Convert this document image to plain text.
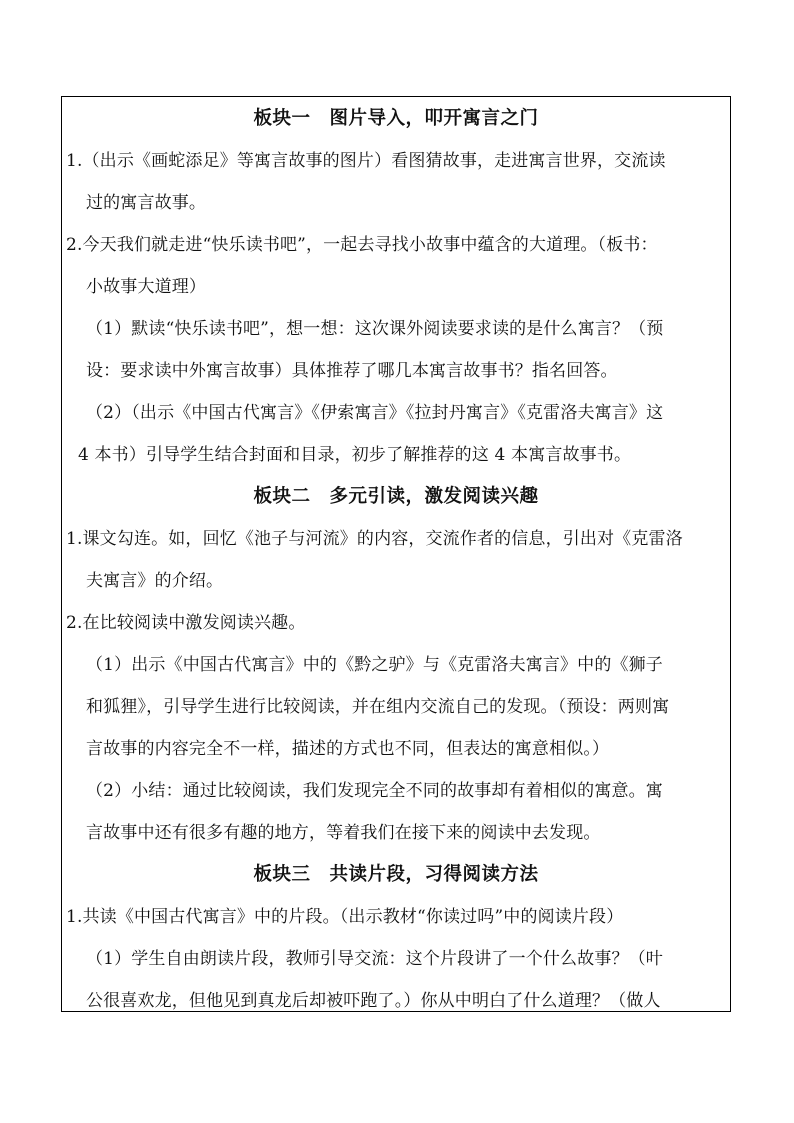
板块一　图片导入，叩开寓言之门
1.（出示《画蛇添足》等寓言故事的图片）看图猜故事，走进寓言世界，交流读
过的寓言故事。
2.今天我们就走进“快乐读书吧”，一起去寻找小故事中蕴含的大道理。（板书：
小故事大道理）
（1）默读“快乐读书吧”，想一想：这次课外阅读要求读的是什么寓言？（预
设：要求读中外寓言故事）具体推荐了哪几本寓言故事书？指名回答。
（2）（出示《中国古代寓言》《伊索寓言》《拉封丹寓言》《克雷洛夫寓言》这
4 本书）引导学生结合封面和目录，初步了解推荐的这 4 本寓言故事书。
板块二　多元引读，激发阅读兴趣
1.课文勾连。如，回忆《池子与河流》的内容，交流作者的信息，引出对《克雷洛
夫寓言》的介绍。
2.在比较阅读中激发阅读兴趣。
（1）出示《中国古代寓言》中的《黔之驴》与《克雷洛夫寓言》中的《狮子
和狐狸》，引导学生进行比较阅读，并在组内交流自己的发现。（预设：两则寓
言故事的内容完全不一样，描述的方式也不同，但表达的寓意相似。）
（2）小结：通过比较阅读，我们发现完全不同的故事却有着相似的寓意。寓
言故事中还有很多有趣的地方，等着我们在接下来的阅读中去发现。
板块三　共读片段，习得阅读方法
1.共读《中国古代寓言》中的片段。（出示教材“你读过吗”中的阅读片段）
（1）学生自由朗读片段，教师引导交流：这个片段讲了一个什么故事？（叶
公很喜欢龙，但他见到真龙后却被吓跑了。）你从中明白了什么道理？（做人
